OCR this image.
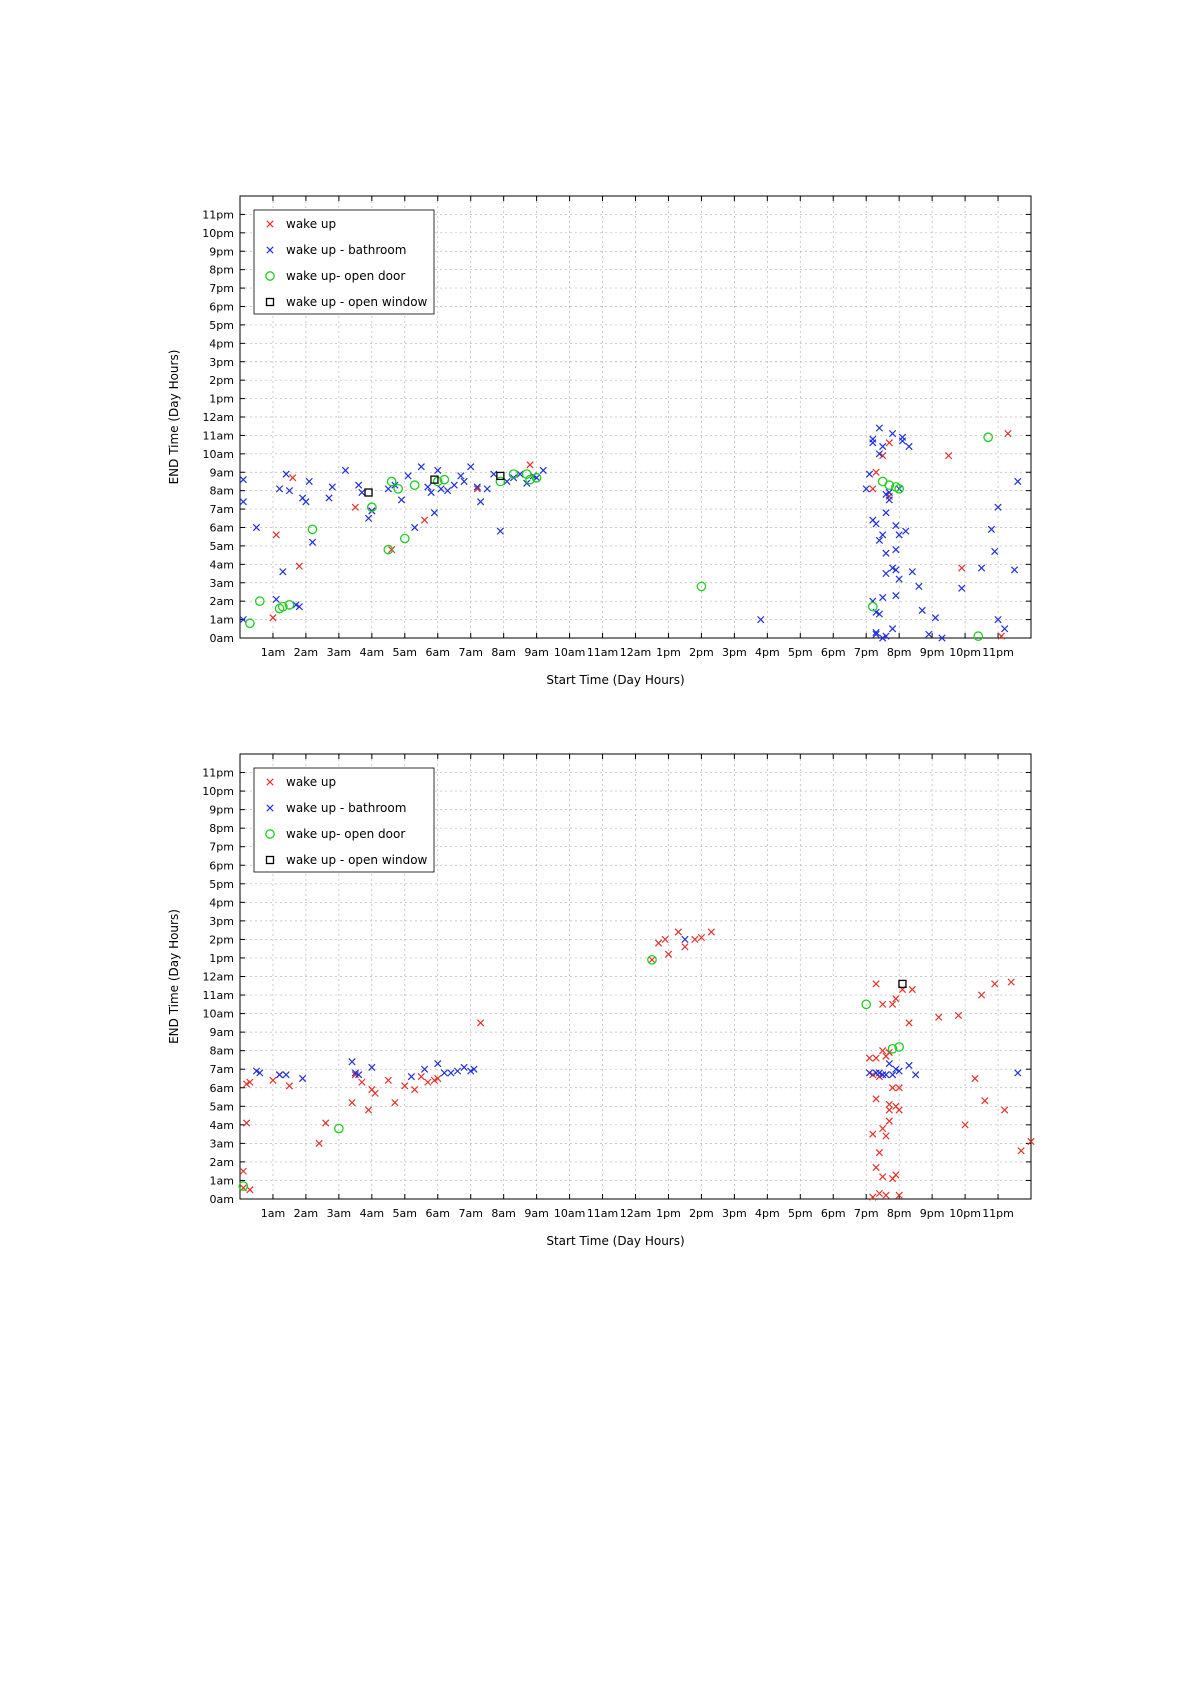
1am 2am 3am 4am 5am 6am 7am 8am 9am 10am 11am 12am 1pm 2pm 3pm 4pm 5pm 6pm 7pm 8pm 9pm 10pm 11pm
0am
1am
2am
3am
4am
5am
6am
7am
8am
9am
10am
11am
12am
1pm
2pm
3pm
4pm
5pm
6pm
7pm
8pm
9pm
10pm
11pm
Start Time (Day Hours)
END Time (Day Hours)
wake up
wake up - bathroom
wake up- open door
wake up - open window
1am 2am 3am 4am 5am 6am 7am 8am 9am 10am 11am 12am 1pm 2pm 3pm 4pm 5pm 6pm 7pm 8pm 9pm 10pm 11pm
0am
1am
2am
3am
4am
5am
6am
7am
8am
9am
10am
11am
12am
1pm
2pm
3pm
4pm
5pm
6pm
7pm
8pm
9pm
10pm
11pm
Start Time (Day Hours)
END Time (Day Hours)
wake up
wake up - bathroom
wake up- open door
wake up - open window
